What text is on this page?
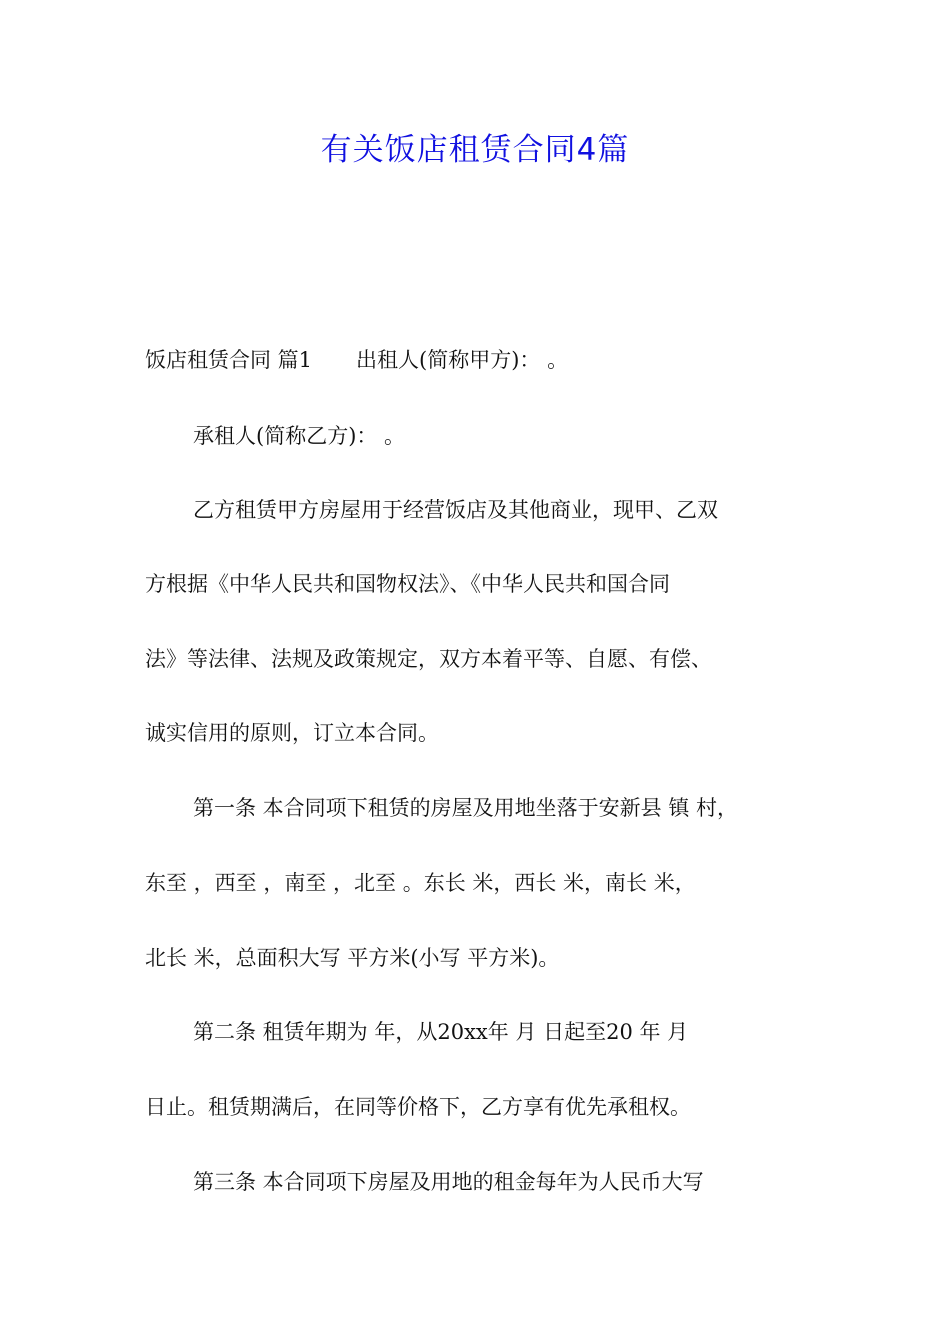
有关饭店租赁合同4篇
饭店租赁合同 篇1 出租人(简称甲方)： 。
承租人(简称乙方)： 。
乙方租赁甲方房屋用于经营饭店及其他商业，现甲、乙双
方根据《中华人民共和国物权法》、《中华人民共和国合同
法》等法律、法规及政策规定，双方本着平等、自愿、有偿、
诚实信用的原则，订立本合同。
第一条 本合同项下租赁的房屋及用地坐落于安新县 镇 村，
东至 ，西至 ，南至 ，北至 。东长 米，西长 米，南长 米，
北长 米，总面积大写 平方米(小写 平方米)。
第二条 租赁年期为 年，从20xx年 月 日起至20 年 月
日止。租赁期满后，在同等价格下，乙方享有优先承租权。
第三条 本合同项下房屋及用地的租金每年为人民币大写
